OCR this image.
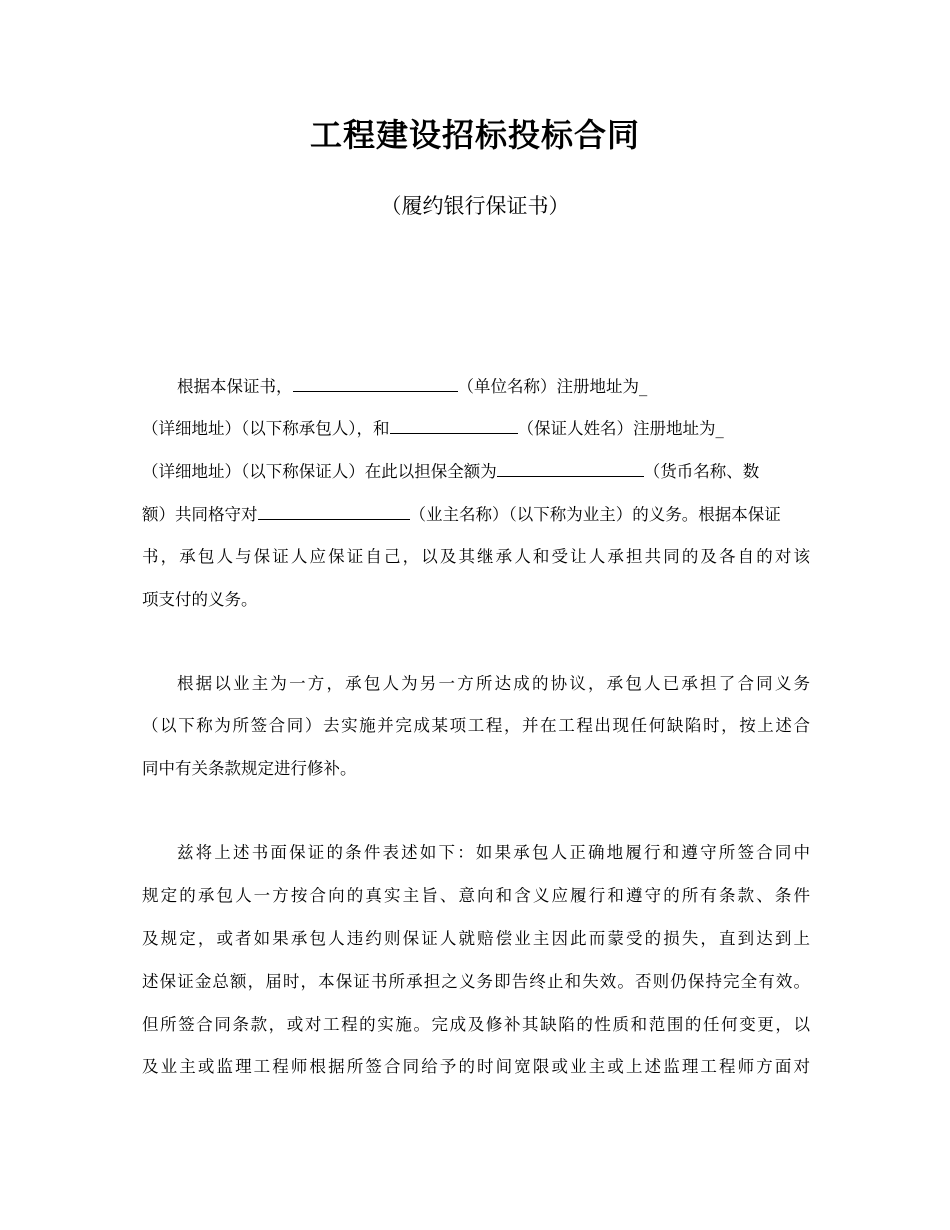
工程建设招标投标合同

（履约银行保证书）

根据本保证书，	（单位名称）注册地址为_
（详细地址）（以下称承包人），和	（保证人姓名）注册地址为_
（详细地址）（以下称保证人）在此以担保全额为	（货币名称、数
额）共同格守对	（业主名称）（以下称为业主）的义务。根据本保证
书，承包人与保证人应保证自己，以及其继承人和受让人承担共同的及各自的对该
项支付的义务。
根据以业主为一方，承包人为另一方所达成的协议，承包人已承担了合同义务
（以下称为所签合同）去实施并完成某项工程，并在工程出现任何缺陷时，按上述合
同中有关条款规定进行修补。
兹将上述书面保证的条件表述如下：如果承包人正确地履行和遵守所签合同中
规定的承包人一方按合向的真实主旨、意向和含义应履行和遵守的所有条款、条件
及规定，或者如果承包人违约则保证人就赔偿业主因此而蒙受的损失，直到达到上
述保证金总额，届时，本保证书所承担之义务即告终止和失效。否则仍保持完全有效。
但所签合同条款，或对工程的实施。完成及修补其缺陷的性质和范围的任何变更，以
及业主或监理工程师根据所签合同给予的时间宽限或业主或上述监理工程师方面对
